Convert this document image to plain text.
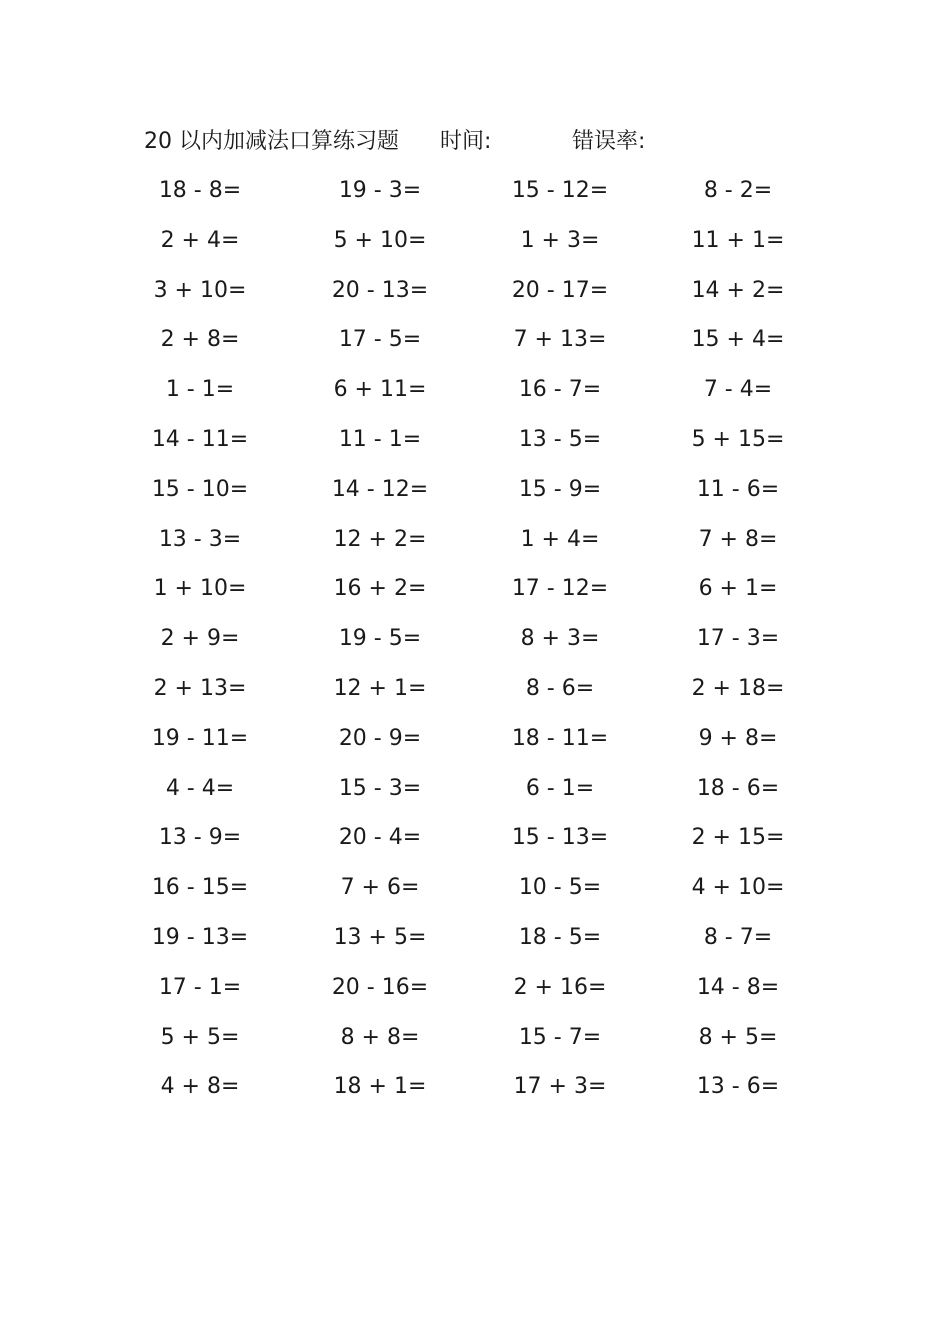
20 以内加减法口算练习题 时间:	错误率:
18 - 8=	19 - 3=	15 - 12=	8 - 2=
2 + 4=	5 + 10=	1 + 3=	11 + 1=
3 + 10=	20 - 13=	20 - 17=	14 + 2=
2 + 8=	17 - 5=	7 + 13=	15 + 4=
1 - 1=	6 + 11=	16 - 7=	7 - 4=
14 - 11=	11 - 1=	13 - 5=	5 + 15=
15 - 10=	14 - 12=	15 - 9=	11 - 6=
13 - 3=	12 + 2=	1 + 4=	7 + 8=
1 + 10=	16 + 2=	17 - 12=	6 + 1=
2 + 9=	19 - 5=	8 + 3=	17 - 3=
2 + 13=	12 + 1=	8 - 6=	2 + 18=
19 - 11=	20 - 9=	18 - 11=	9 + 8=
4 - 4=	15 - 3=	6 - 1=	18 - 6=
13 - 9=	20 - 4=	15 - 13=	2 + 15=
16 - 15=	7 + 6=	10 - 5=	4 + 10=
19 - 13=	13 + 5=	18 - 5=	8 - 7=
17 - 1=	20 - 16=	2 + 16=	14 - 8=
5 + 5=	8 + 8=	15 - 7=	8 + 5=
4 + 8=	18 + 1=	17 + 3=	13 - 6=
